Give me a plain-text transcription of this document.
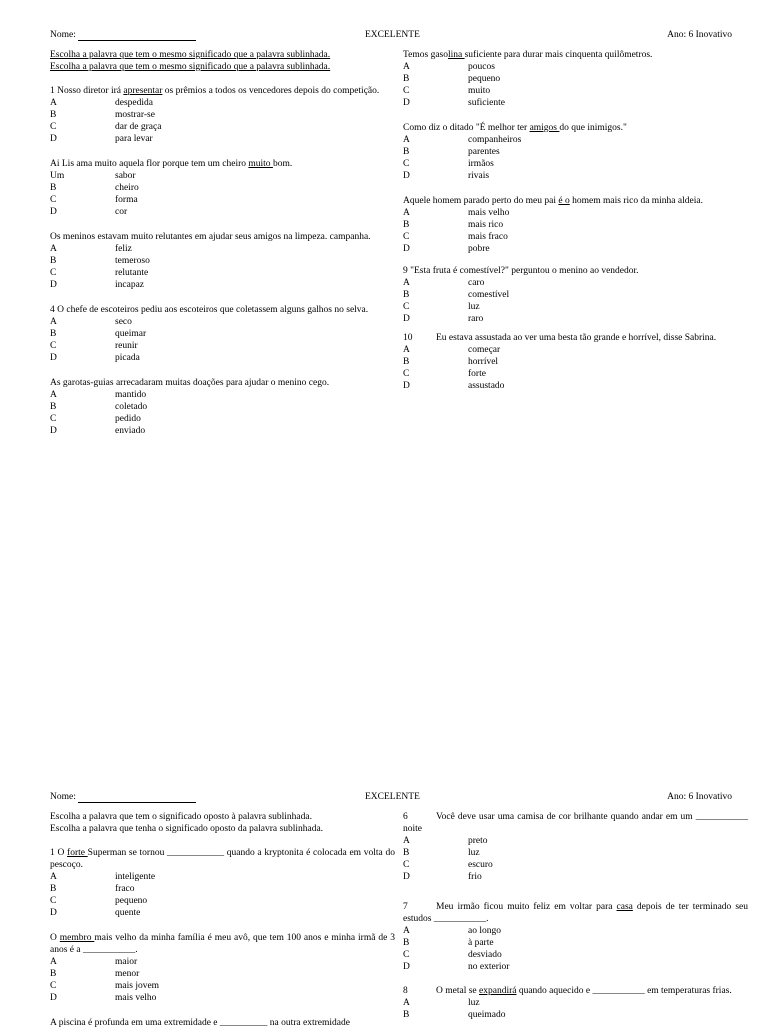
Nome:	EXCELENTE	Ano: 6 Inovativo
Escolha a palavra que tem o mesmo significado que a palavra sublinhada.
Escolha a palavra que tem o mesmo significado que a palavra sublinhada.
1 Nosso diretor irá apresentar os prêmios a todos os vencedores depois do competição.
A	despedida
B	mostrar-se
C	dar de graça
D	para levar
Ai Lis ama muito aquela flor porque tem um cheiro muito bom.
Um	sabor
B	cheiro
C	forma
D	cor
Os meninos estavam muito relutantes em ajudar seus amigos na limpeza. campanha.
A	feliz
B	temeroso
C	relutante
D	incapaz
4 O chefe de escoteiros pediu aos escoteiros que coletassem alguns galhos no selva.
A	seco
B	queimar
C	reunir
D	picada
As garotas-guias arrecadaram muitas doações para ajudar o menino cego.
A	mantido
B	coletado
C	pedido
D	enviado
Temos gasolina suficiente para durar mais cinquenta quilômetros.
A	poucos
B	pequeno
C	muito
D	suficiente
Como diz o ditado "É melhor ter amigos do que inimigos."
A	companheiros
B	parentes
C	irmãos
D	rivais
Aquele homem parado perto do meu pai é o homem mais rico da minha aldeia.
A	mais velho
B	mais rico
C	mais fraco
D	pobre
9 "Esta fruta é comestível?" perguntou o menino ao vendedor.
A	caro
B	comestível
C	luz
D	raro
10 Eu estava assustada ao ver uma besta tão grande e horrível, disse Sabrina.
A	começar
B	horrível
C	forte
D	assustado
Nome:	EXCELENTE	Ano: 6 Inovativo
Escolha a palavra que tem o significado oposto à palavra sublinhada.
Escolha a palavra que tenha o significado oposto da palavra sublinhada.
1 O forte Superman se tornou ____________ quando a kryptonita é colocada em volta do pescoço.
A	inteligente
B	fraco
C	pequeno
D	quente
O membro mais velho da minha família é meu avô, que tem 100 anos e minha irmã de 3 anos é a ___________.
A	maior
B	menor
C	mais jovem
D	mais velho
A piscina é profunda em uma extremidade e __________ na outra extremidade
6	Você deve usar uma camisa de cor brilhante quando andar em um ___________ noite
A	preto
B	luz
C	escuro
D	frio
7	Meu irmão ficou muito feliz em voltar para casa depois de ter terminado seu estudos ___________.
A	ao longo
B	à parte
C	desviado
D	no exterior
8	O metal se expandirá quando aquecido e ___________ em temperaturas frias.
A	luz
B	queimado
